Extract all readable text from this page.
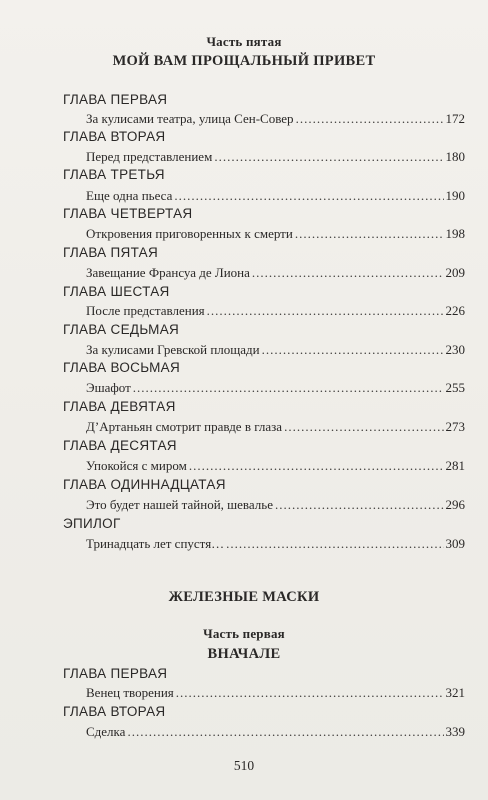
Часть пятая
МОЙ ВАМ ПРОЩАЛЬНЫЙ ПРИВЕТ
ГЛАВА ПЕРВАЯ
За кулисами театра, улица Сен-Совер .....	172
ГЛАВА ВТОРАЯ
Перед представлением .....	180
ГЛАВА ТРЕТЬЯ
Еще одна пьеса .....	190
ГЛАВА ЧЕТВЕРТАЯ
Откровения приговоренных к смерти .....	198
ГЛАВА ПЯТАЯ
Завещание Франсуа де Лиона .....	209
ГЛАВА ШЕСТАЯ
После представления .....	226
ГЛАВА СЕДЬМАЯ
За кулисами Гревской площади .....	230
ГЛАВА ВОСЬМАЯ
Эшафот .....	255
ГЛАВА ДЕВЯТАЯ
Д’Артаньян смотрит правде в глаза .....	273
ГЛАВА ДЕСЯТАЯ
Упокойся с миром .....	281
ГЛАВА ОДИННАДЦАТАЯ
Это будет нашей тайной, шевалье .....	296
ЭПИЛОГ
Тринадцать лет спустя… .....	309
ЖЕЛЕЗНЫЕ МАСКИ
Часть первая
ВНАЧАЛЕ
ГЛАВА ПЕРВАЯ
Венец творения .....	321
ГЛАВА ВТОРАЯ
Сделка .....	339
510
